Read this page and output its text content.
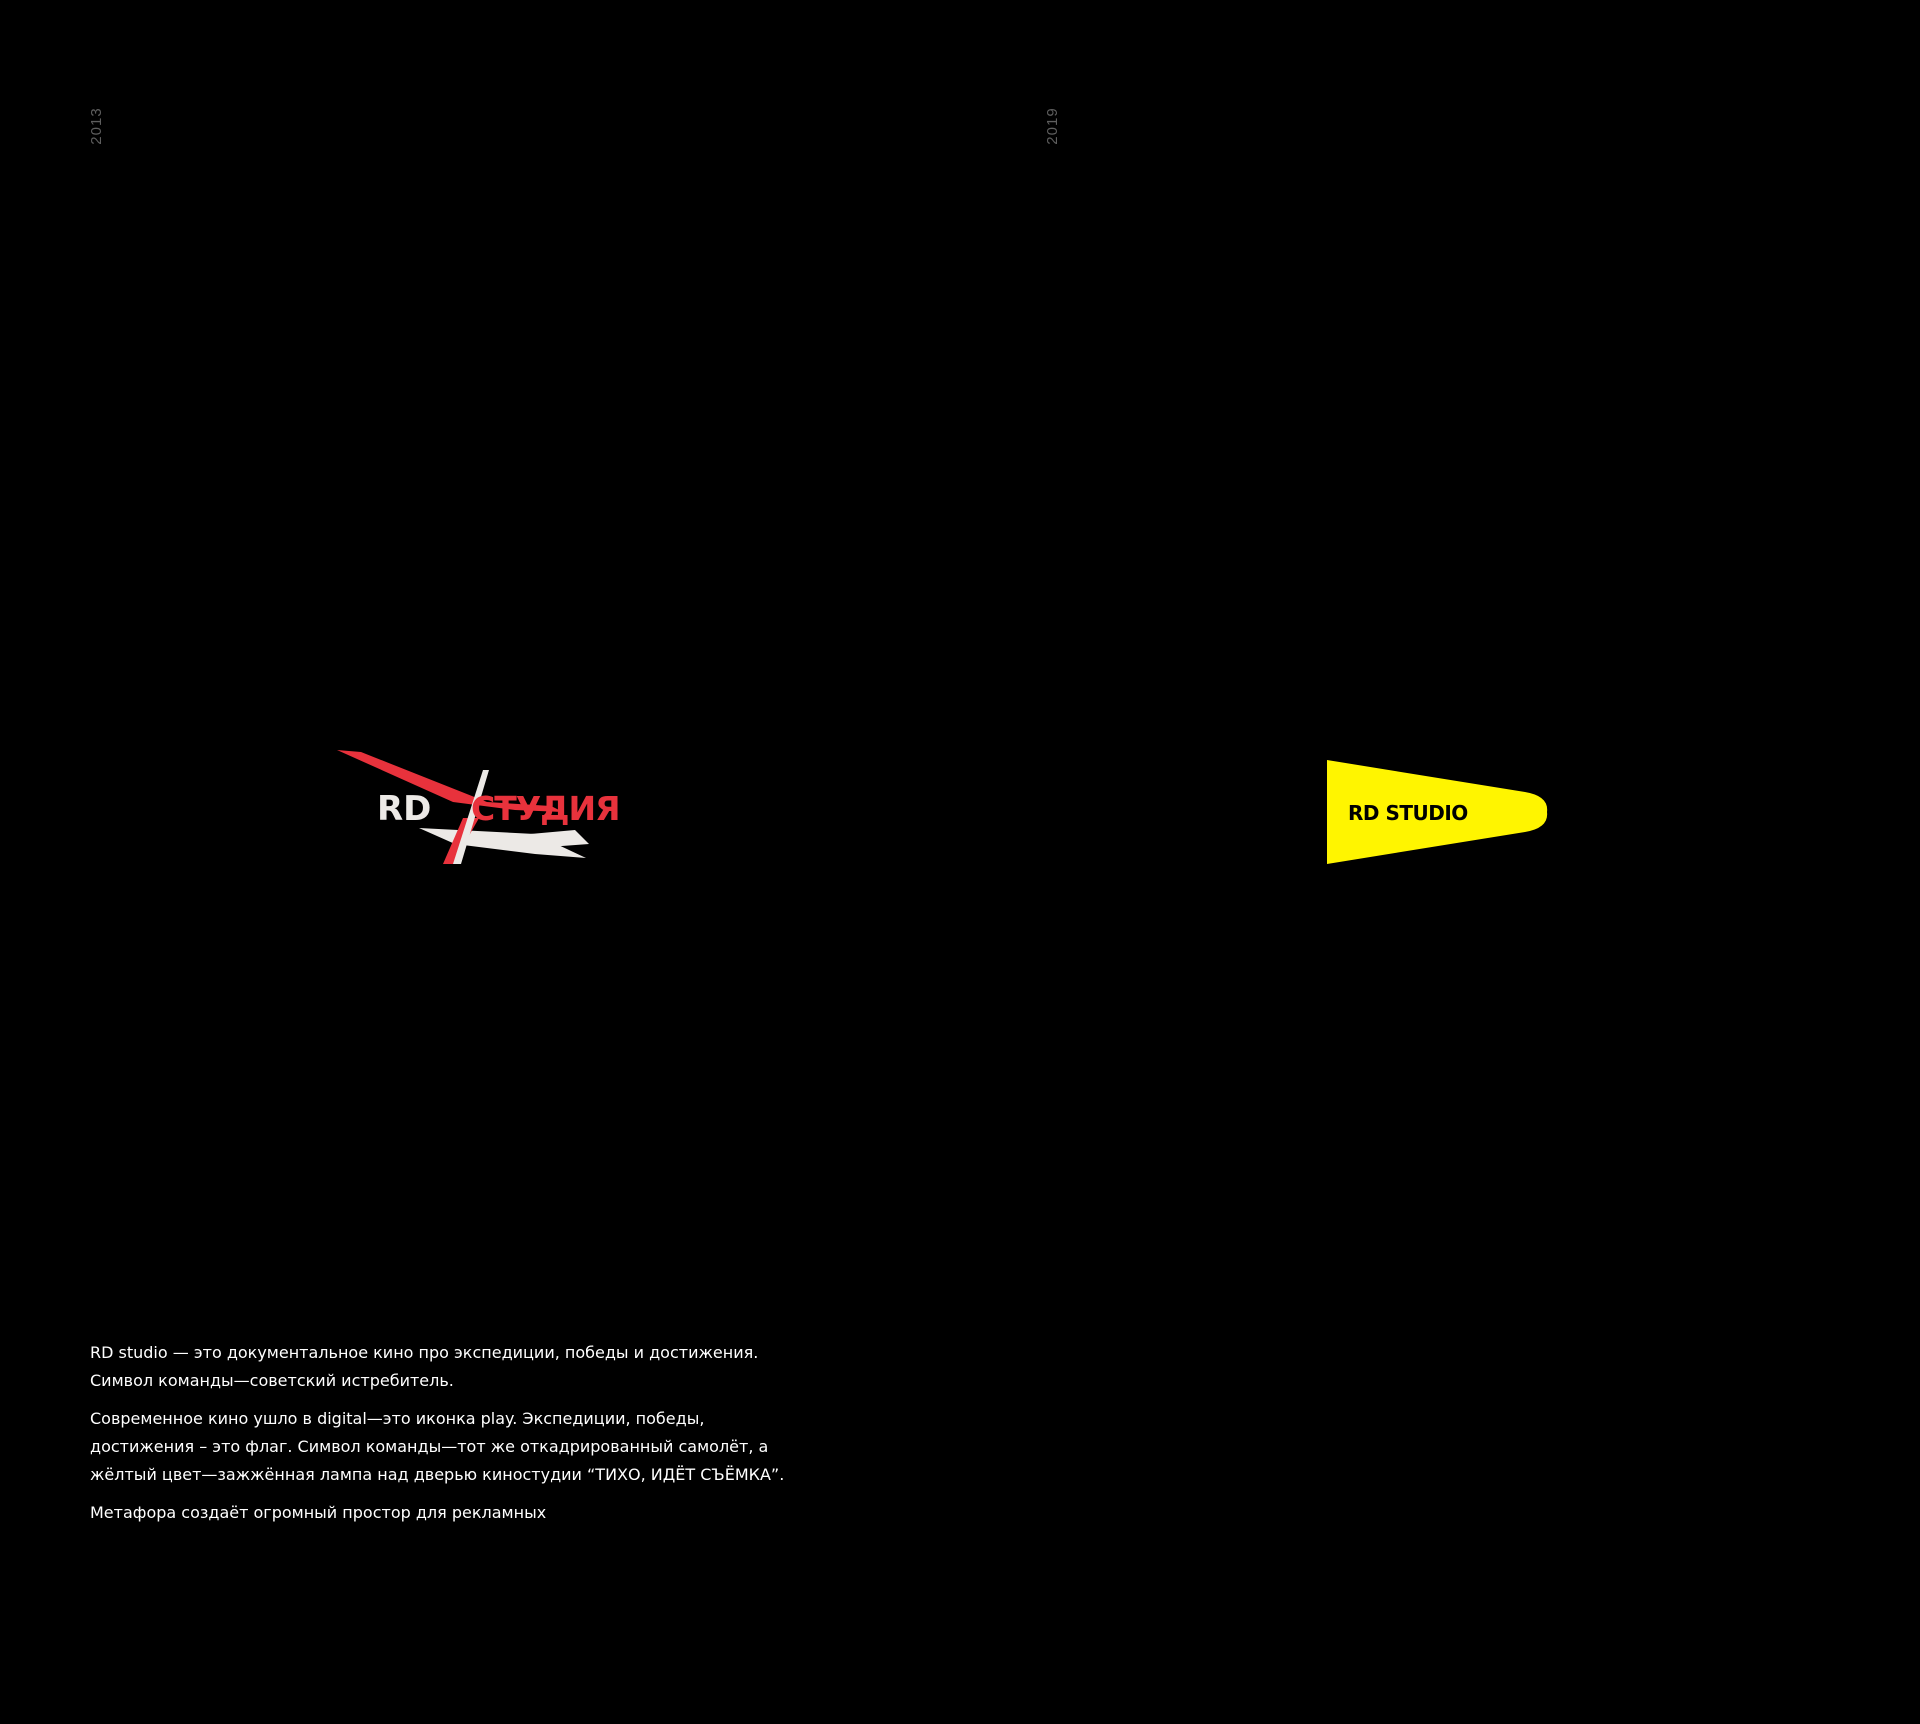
2013	2019
RD СТУДИЯ	RD STUDIO

RD studio — это документальное кино про экспедиции, победы и достижения.
Символ команды—советский истребитель.

Современное кино ушло в digital—это иконка play. Экспедиции, победы,
достижения – это флаг. Символ команды—тот же откадрированный самолёт, а
жёлтый цвет—зажжённая лампа над дверью киностудии “ТИХО, ИДЁТ СЪЁМКА”.

Метафора создаёт огромный простор для рекламных
